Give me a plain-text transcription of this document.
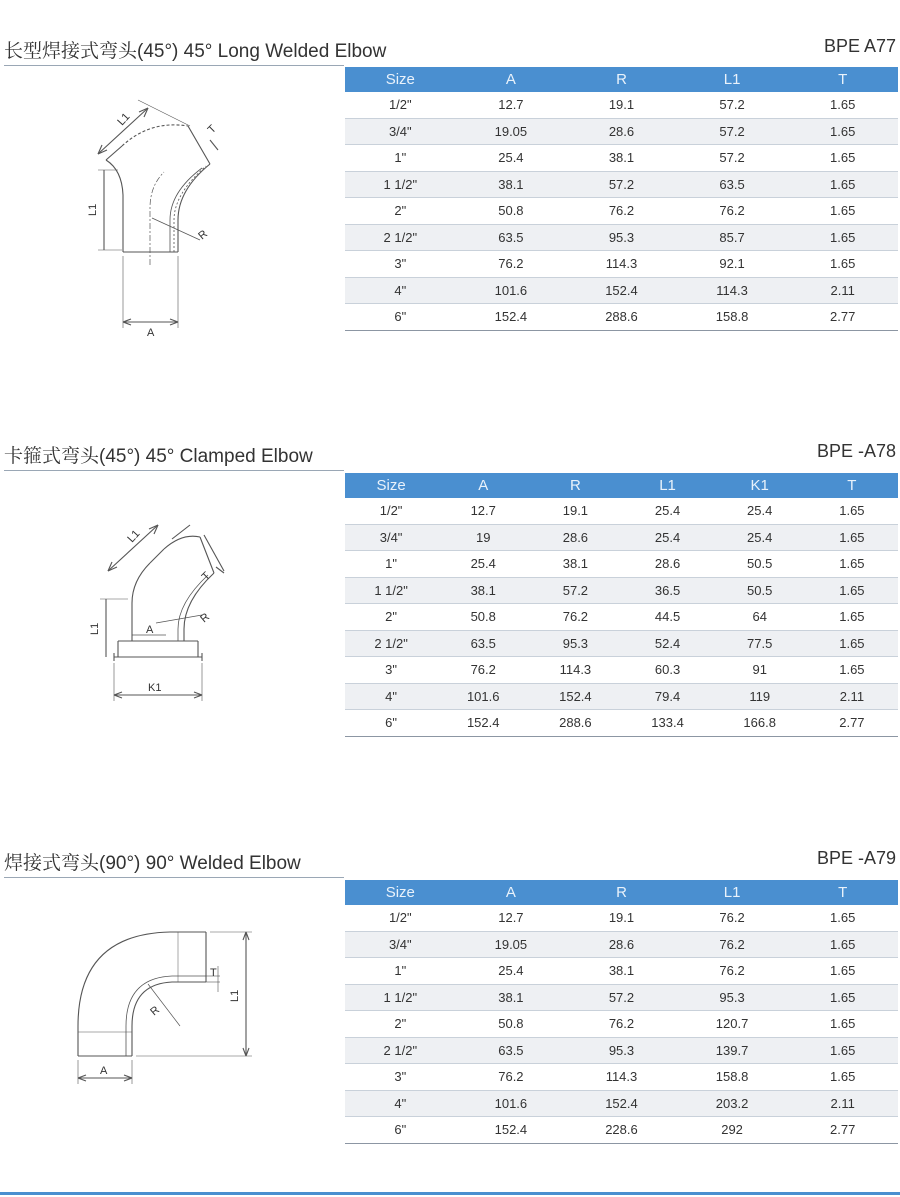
长型焊接式弯头(45°) 45° Long Welded Elbow	BPE A77
L1
T
R
L1
A
Size	A	R	L1	T
1/2"	12.7	19.1	57.2	1.65
3/4"	19.05	28.6	57.2	1.65
1"	25.4	38.1	57.2	1.65
1 1/2"	38.1	57.2	63.5	1.65
2"	50.8	76.2	76.2	1.65
2 1/2"	63.5	95.3	85.7	1.65
3"	76.2	114.3	92.1	1.65
4"	101.6	152.4	114.3	2.11
6"	152.4	288.6	158.8	2.77
卡箍式弯头(45°) 45° Clamped Elbow	BPE -A78
L1
T
R
L1	A
K1
Size	A	R	L1	K1	T
1/2"	12.7	19.1	25.4	25.4	1.65
3/4"	19	28.6	25.4	25.4	1.65
1"	25.4	38.1	28.6	50.5	1.65
1 1/2"	38.1	57.2	36.5	50.5	1.65
2"	50.8	76.2	44.5	64	1.65
2 1/2"	63.5	95.3	52.4	77.5	1.65
3"	76.2	114.3	60.3	91	1.65
4"	101.6	152.4	79.4	119	2.11
6"	152.4	288.6	133.4	166.8	2.77
焊接式弯头(90°) 90° Welded Elbow	BPE -A79
R
T
L1
A
Size	A	R	L1	T
1/2"	12.7	19.1	76.2	1.65
3/4"	19.05	28.6	76.2	1.65
1"	25.4	38.1	76.2	1.65
1 1/2"	38.1	57.2	95.3	1.65
2"	50.8	76.2	120.7	1.65
2 1/2"	63.5	95.3	139.7	1.65
3"	76.2	114.3	158.8	1.65
4"	101.6	152.4	203.2	2.11
6"	152.4	228.6	292	2.77
